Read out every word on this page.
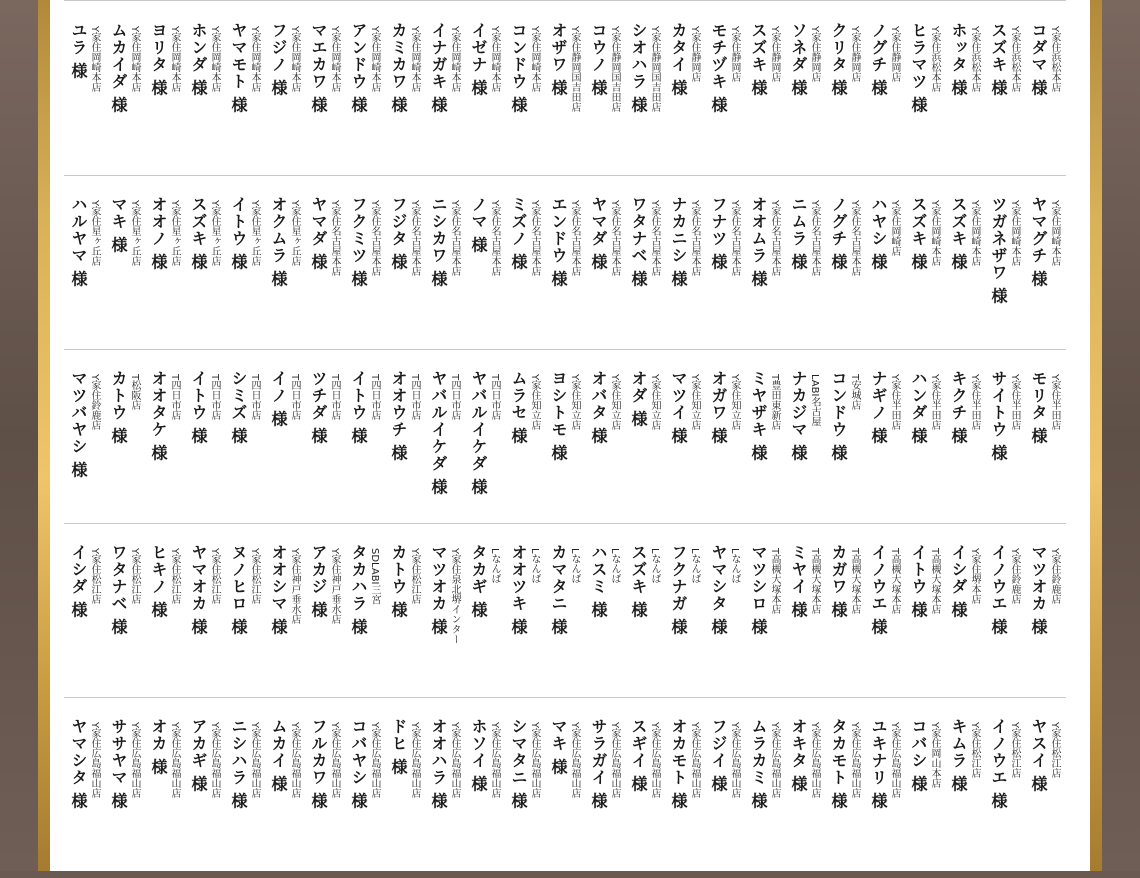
Y家住浜松本店
コダマ 様
Y家住浜松本店
スズキ 様
Y家住浜松本店
ホッタ 様
Y家住浜松本店
ヒラマツ 様
Y家住静岡店
ノグチ 様
Y家住静岡店
クリタ 様
Y家住静岡店
ソネダ 様
Y家住静岡店
スズキ 様
Y家住静岡店
モチヅキ 様
Y家住静岡店
カタイ 様
Y家住静岡国吉田店
シオハラ 様
Y家住静岡国吉田店
コウノ 様
Y家住静岡国吉田店
オザワ 様
Y家住岡崎本店
コンドウ 様
Y家住岡崎本店
イゼナ 様
Y家住岡崎本店
イナガキ 様
Y家住岡崎本店
カミカワ 様
Y家住岡崎本店
アンドウ 様
Y家住岡崎本店
マエカワ 様
Y家住岡崎本店
フジノ 様
Y家住岡崎本店
ヤマモト 様
Y家住岡崎本店
ホンダ 様
Y家住岡崎本店
ヨリタ 様
Y家住岡崎本店
ムカイダ 様
Y家住岡崎本店
ユラ 様
Y家住岡崎本店
ヤマグチ 様
Y家住岡崎本店
ツガネザワ 様
Y家住岡崎本店
スズキ 様
Y家住岡崎本店
スズキ 様
Y家住岡崎店
ハヤシ 様
Y家住名古屋本店
ノグチ 様
Y家住名古屋本店
ニムラ 様
Y家住名古屋本店
オオムラ 様
Y家住名古屋本店
フナツ 様
Y家住名古屋本店
ナカニシ 様
Y家住名古屋本店
ワタナベ 様
Y家住名古屋本店
ヤマダ 様
Y家住名古屋本店
エンドウ 様
Y家住名古屋本店
ミズノ 様
Y家住名古屋本店
ノマ 様
Y家住名古屋本店
ニシカワ 様
Y家住名古屋本店
フジタ 様
Y家住名古屋本店
フクミツ 様
Y家住名古屋本店
ヤマダ 様
Y家住星ヶ丘店
オクムラ 様
Y家住星ヶ丘店
イトウ 様
Y家住星ヶ丘店
スズキ 様
Y家住星ヶ丘店
オオノ 様
Y家住星ヶ丘店
マキ 様
Y家住星ヶ丘店
ハルヤマ 様
Y家住半田店
モリタ 様
Y家住半田店
サイトウ 様
Y家住半田店
キクチ 様
Y家住半田店
ハンダ 様
Y家住半田店
ナギノ 様
T安城店
コンドウ 様
LABI名古屋
ナカジマ 様
T豊田東新店
ミヤザキ 様
Y家住知立店
オガワ 様
Y家住知立店
マツイ 様
Y家住知立店
オダ 様
Y家住知立店
オバタ 様
Y家住知立店
ヨシトモ 様
Y家住知立店
ムラセ 様
T四日市店
ヤバルイケダ 様
T四日市店
ヤバルイケダ 様
T四日市店
オオウチ 様
T四日市店
イトウ 様
T四日市店
ツチダ 様
T四日市店
イノ 様
T四日市店
シミズ 様
T四日市店
イトウ 様
T四日市店
オオタケ 様
T松阪店
カトウ 様
Y家住鈴鹿店
マツバヤシ 様
Y家住鈴鹿店
マツオカ 様
Y家住鈴鹿店
イノウエ 様
Y家住堺本店
イシダ 様
T高槻大塚本店
イトウ 様
T高槻大塚本店
イノウエ 様
T高槻大塚本店
カガワ 様
T高槻大塚本店
ミヤイ 様
T高槻大塚本店
マツシロ 様
Lなんば
ヤマシタ 様
Lなんば
フクナガ 様
Lなんば
スズキ 様
Lなんば
ハスミ 様
Lなんば
カマタニ 様
Lなんば
オオツキ 様
Lなんば
タカギ 様
Y家住泉北堺インター
マツオカ 様
Y家住松江店
カトウ 様
SDLABI三宮
タカハラ 様
Y家住神戸垂水店
アカジ 様
Y家住神戸垂水店
オオシマ 様
Y家住松江店
ヌノヒロ 様
Y家住松江店
ヤマオカ 様
Y家住松江店
ヒキノ 様
Y家住松江店
ワタナベ 様
Y家住松江店
イシダ 様
Y家住松江店
ヤスイ 様
Y家住松江店
イノウエ 様
Y家住松江店
キムラ 様
Y家住岡山本店
コバシ 様
Y家住広島福山店
ユキナリ 様
Y家住広島福山店
タカモト 様
Y家住広島福山店
オキタ 様
Y家住広島福山店
ムラカミ 様
Y家住広島福山店
フジイ 様
Y家住広島福山店
オカモト 様
Y家住広島福山店
スギイ 様
Y家住広島福山店
サラガイ 様
Y家住広島福山店
マキ 様
Y家住広島福山店
シマタニ 様
Y家住広島福山店
ホソイ 様
Y家住広島福山店
オオハラ 様
Y家住広島福山店
ドヒ 様
Y家住広島福山店
コバヤシ 様
Y家住広島福山店
フルカワ 様
Y家住広島福山店
ムカイ 様
Y家住広島福山店
ニシハラ 様
Y家住広島福山店
アカギ 様
Y家住広島福山店
オカ 様
Y家住広島福山店
ササヤマ 様
Y家住広島福山店
ヤマシタ 様
